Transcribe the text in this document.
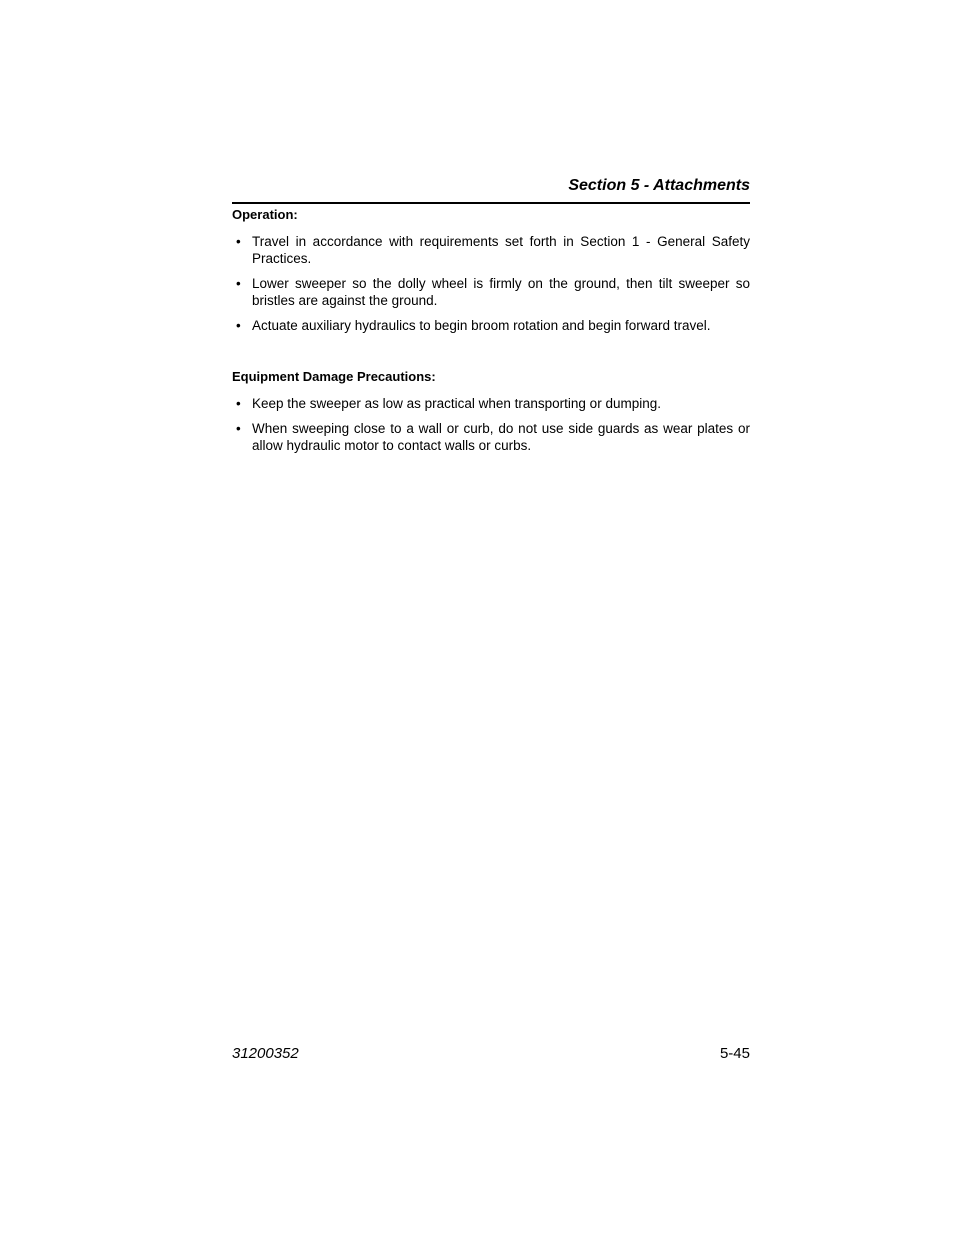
Section 5 - Attachments

Operation:

• Travel in accordance with requirements set forth in Section 1 - General Safety Practices.
• Lower sweeper so the dolly wheel is firmly on the ground, then tilt sweeper so bristles are against the ground.
• Actuate auxiliary hydraulics to begin broom rotation and begin forward travel.

Equipment Damage Precautions:

• Keep the sweeper as low as practical when transporting or dumping.
• When sweeping close to a wall or curb, do not use side guards as wear plates or allow hydraulic motor to contact walls or curbs.
31200352	5-45
